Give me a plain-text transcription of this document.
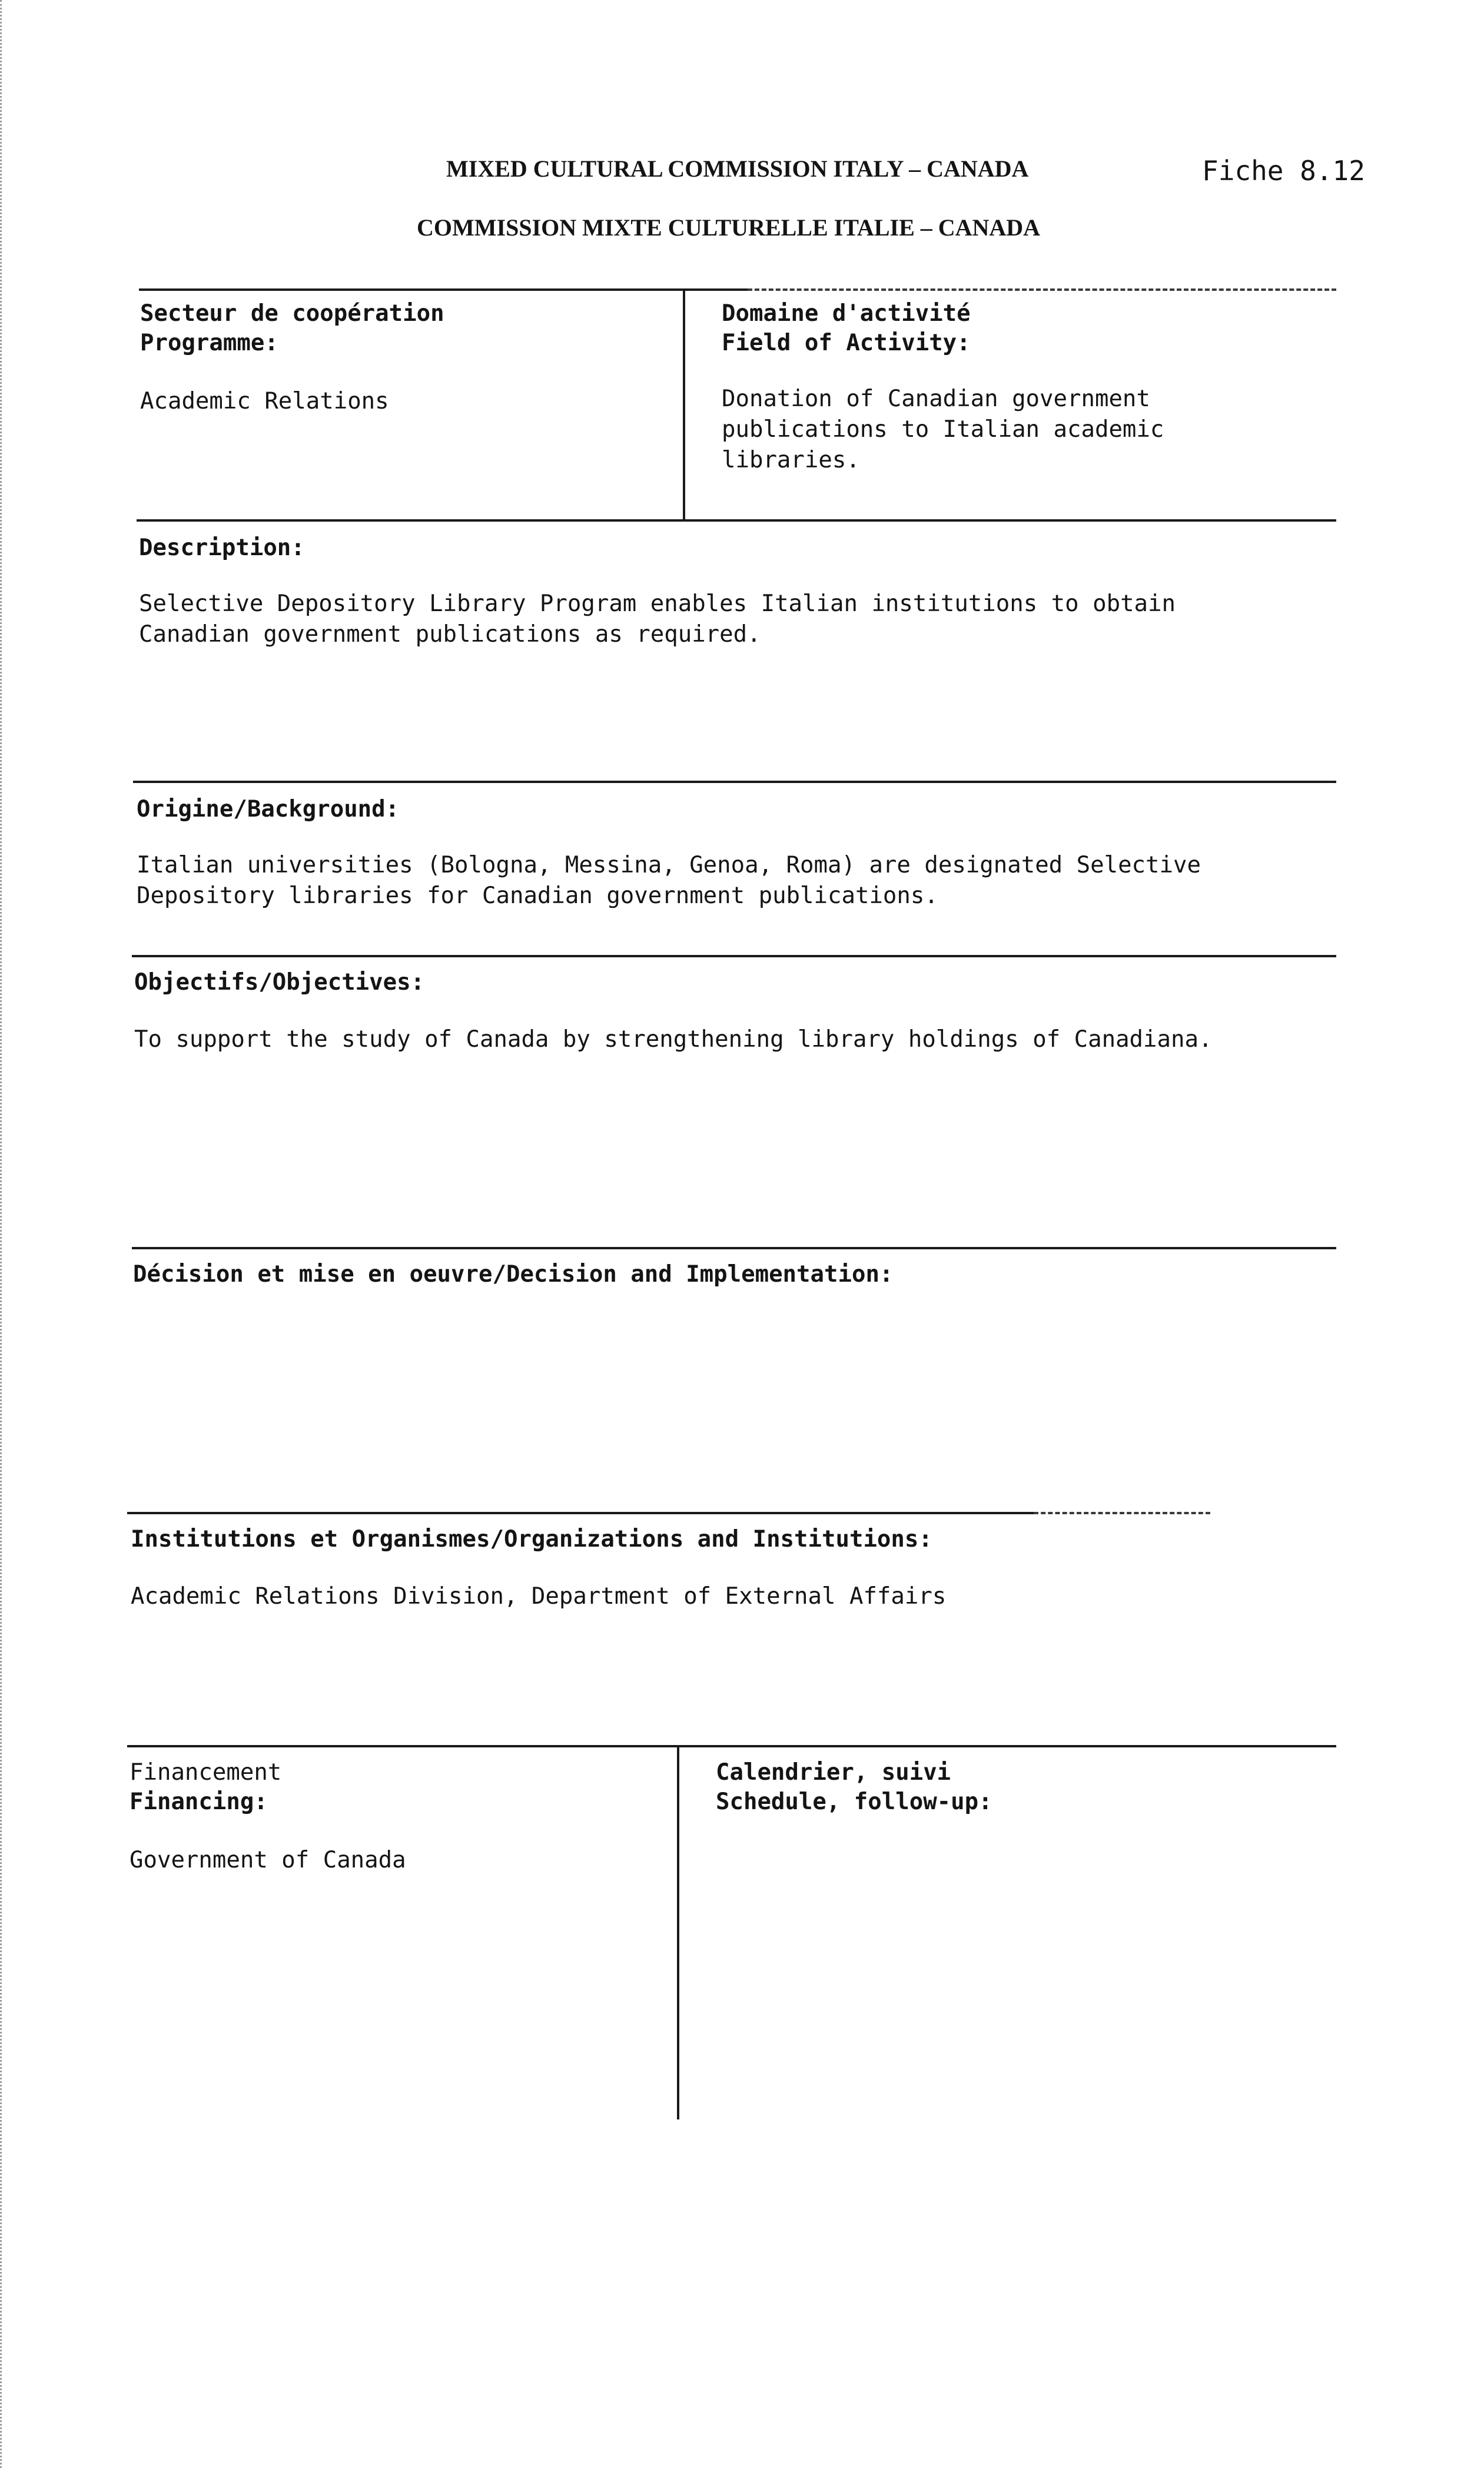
MIXED CULTURAL COMMISSION ITALY – CANADA	Fiche 8.12
COMMISSION MIXTE CULTURELLE ITALIE – CANADA
Secteur de coopération
Programme:
Academic Relations
Domaine d'activité
Field of Activity:
Donation of Canadian government
publications to Italian academic
libraries.
Description:
Selective Depository Library Program enables Italian institutions to obtain
Canadian government publications as required.
Origine/Background:
Italian universities (Bologna, Messina, Genoa, Roma) are designated Selective
Depository libraries for Canadian government publications.
Objectifs/Objectives:
To support the study of Canada by strengthening library holdings of Canadiana.
Décision et mise en oeuvre/Decision and Implementation:
Institutions et Organismes/Organizations and Institutions:
Academic Relations Division, Department of External Affairs
Financement
Financing:
Government of Canada
Calendrier, suivi
Schedule, follow-up:
